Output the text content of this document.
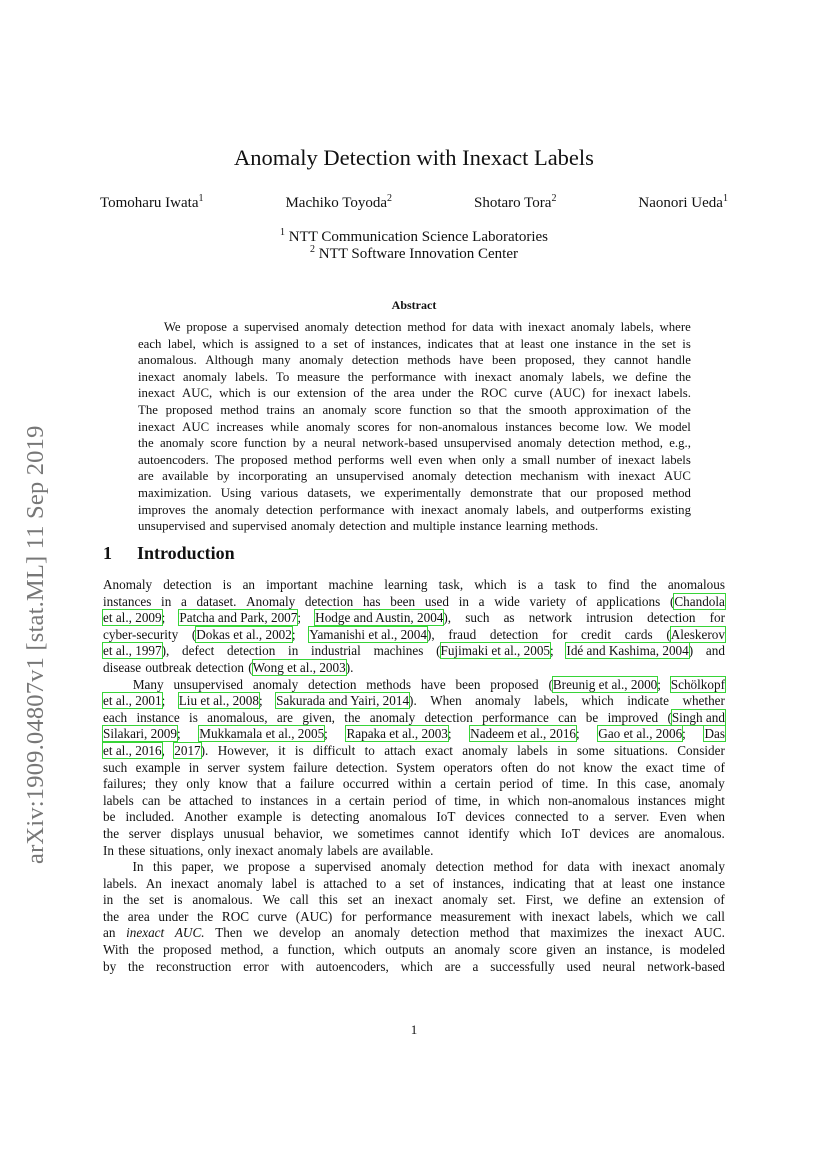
arXiv:1909.04807v1 [stat.ML] 11 Sep 2019
Anomaly Detection with Inexact Labels
Tomoharu Iwata$^1$	Machiko Toyoda$^2$	Shotaro Tora$^2$	Naonori Ueda$^1$
$^1$ NTT Communication Science Laboratories
$^2$ NTT Software Innovation Center
Abstract
We propose a supervised anomaly detection method for data with inexact anomaly labels, where
each label, which is assigned to a set of instances, indicates that at least one instance in the set is
anomalous. Although many anomaly detection methods have been proposed, they cannot handle
inexact anomaly labels. To measure the performance with inexact anomaly labels, we define the
inexact AUC, which is our extension of the area under the ROC curve (AUC) for inexact labels.
The proposed method trains an anomaly score function so that the smooth approximation of the
inexact AUC increases while anomaly scores for non-anomalous instances become low. We model
the anomaly score function by a neural network-based unsupervised anomaly detection method, e.g.,
autoencoders. The proposed method performs well even when only a small number of inexact labels
are available by incorporating an unsupervised anomaly detection mechanism with inexact AUC
maximization. Using various datasets, we experimentally demonstrate that our proposed method
improves the anomaly detection performance with inexact anomaly labels, and outperforms existing
unsupervised and supervised anomaly detection and multiple instance learning methods.
1 Introduction
Anomaly detection is an important machine learning task, which is a task to find the anomalous
instances in a dataset. Anomaly detection has been used in a wide variety of applications (Chandola
et al., 2009; Patcha and Park, 2007; Hodge and Austin, 2004), such as network intrusion detection for
cyber-security (Dokas et al., 2002; Yamanishi et al., 2004), fraud detection for credit cards (Aleskerov
et al., 1997), defect detection in industrial machines (Fujimaki et al., 2005; Idé and Kashima, 2004) and
disease outbreak detection (Wong et al., 2003).
Many unsupervised anomaly detection methods have been proposed (Breunig et al., 2000; Schölkopf
et al., 2001; Liu et al., 2008; Sakurada and Yairi, 2014). When anomaly labels, which indicate whether
each instance is anomalous, are given, the anomaly detection performance can be improved (Singh and
Silakari, 2009; Mukkamala et al., 2005; Rapaka et al., 2003; Nadeem et al., 2016; Gao et al., 2006; Das
et al., 2016, 2017). However, it is difficult to attach exact anomaly labels in some situations. Consider
such example in server system failure detection. System operators often do not know the exact time of
failures; they only know that a failure occurred within a certain period of time. In this case, anomaly
labels can be attached to instances in a certain period of time, in which non-anomalous instances might
be included. Another example is detecting anomalous IoT devices connected to a server. Even when
the server displays unusual behavior, we sometimes cannot identify which IoT devices are anomalous.
In these situations, only inexact anomaly labels are available.
In this paper, we propose a supervised anomaly detection method for data with inexact anomaly
labels. An inexact anomaly label is attached to a set of instances, indicating that at least one instance
in the set is anomalous. We call this set an inexact anomaly set. First, we define an extension of
the area under the ROC curve (AUC) for performance measurement with inexact labels, which we call
an inexact AUC. Then we develop an anomaly detection method that maximizes the inexact AUC.
With the proposed method, a function, which outputs an anomaly score given an instance, is modeled
by the reconstruction error with autoencoders, which are a successfully used neural network-based
1
